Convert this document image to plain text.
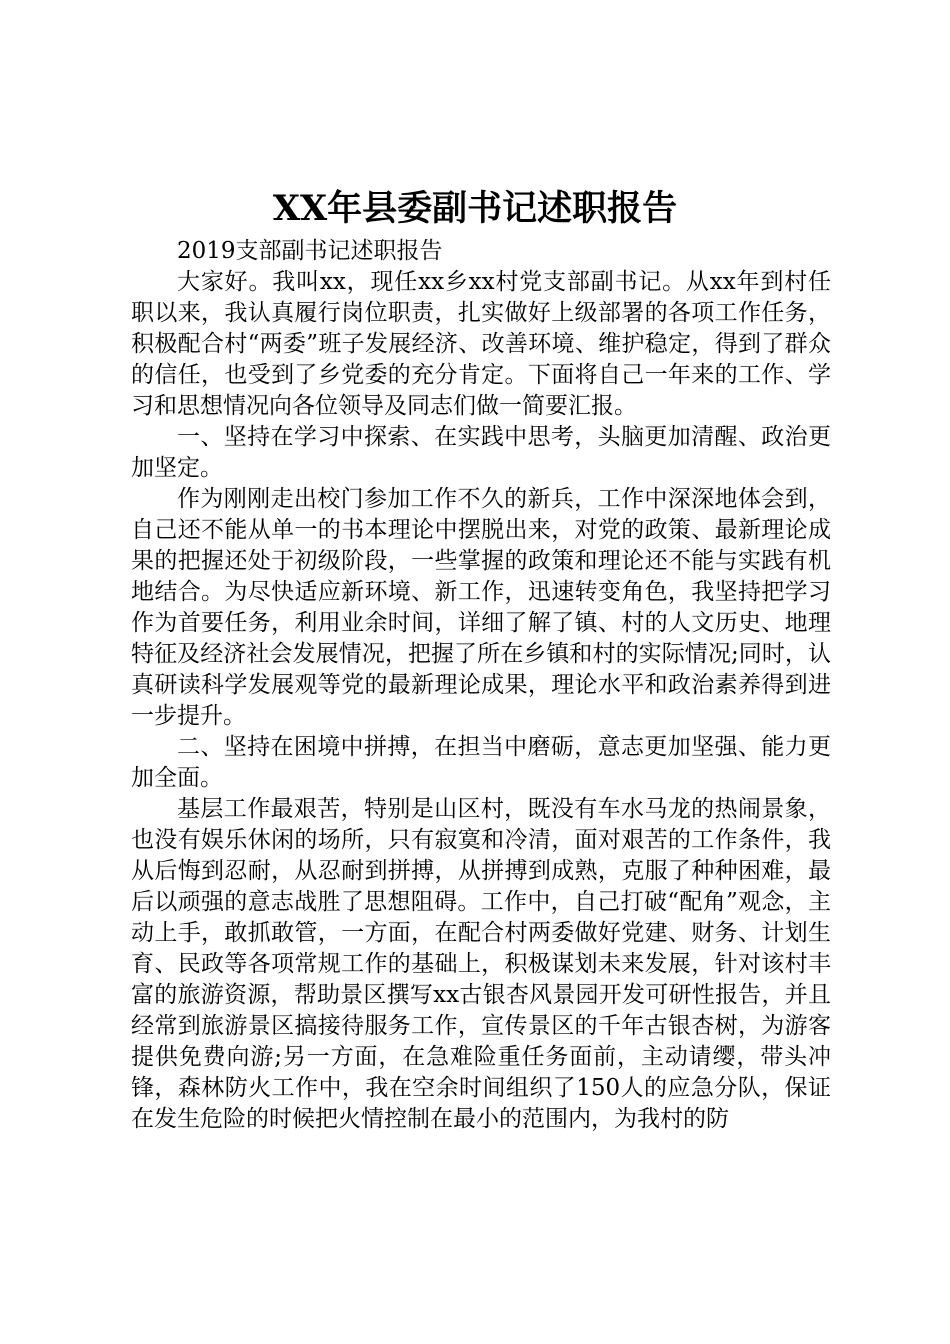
XX年县委副书记述职报告

2019支部副书记述职报告

大家好。我叫xx，现任xx乡xx村党支部副书记。从xx年到村任职以来，我认真履行岗位职责，扎实做好上级部署的各项工作任务，积极配合村“两委”班子发展经济、改善环境、维护稳定，得到了群众的信任，也受到了乡党委的充分肯定。下面将自己一年来的工作、学习和思想情况向各位领导及同志们做一简要汇报。

一、坚持在学习中探索、在实践中思考，头脑更加清醒、政治更加坚定。

作为刚刚走出校门参加工作不久的新兵，工作中深深地体会到，自己还不能从单一的书本理论中摆脱出来，对党的政策、最新理论成果的把握还处于初级阶段，一些掌握的政策和理论还不能与实践有机地结合。为尽快适应新环境、新工作，迅速转变角色，我坚持把学习作为首要任务，利用业余时间，详细了解了镇、村的人文历史、地理特征及经济社会发展情况，把握了所在乡镇和村的实际情况;同时，认真研读科学发展观等党的最新理论成果，理论水平和政治素养得到进一步提升。

二、坚持在困境中拼搏，在担当中磨砺，意志更加坚强、能力更加全面。

基层工作最艰苦，特别是山区村，既没有车水马龙的热闹景象，也没有娱乐休闲的场所，只有寂寞和冷清，面对艰苦的工作条件，我从后悔到忍耐，从忍耐到拼搏，从拼搏到成熟，克服了种种困难，最后以顽强的意志战胜了思想阻碍。工作中，自己打破“配角”观念，主动上手，敢抓敢管，一方面，在配合村两委做好党建、财务、计划生育、民政等各项常规工作的基础上，积极谋划未来发展，针对该村丰富的旅游资源，帮助景区撰写xx古银杏风景园开发可研性报告，并且经常到旅游景区搞接待服务工作，宣传景区的千年古银杏树，为游客提供免费向游;另一方面，在急难险重任务面前，主动请缨，带头冲锋，森林防火工作中，我在空余时间组织了150人的应急分队，保证在发生危险的时候把火情控制在最小的范围内，为我村的防
